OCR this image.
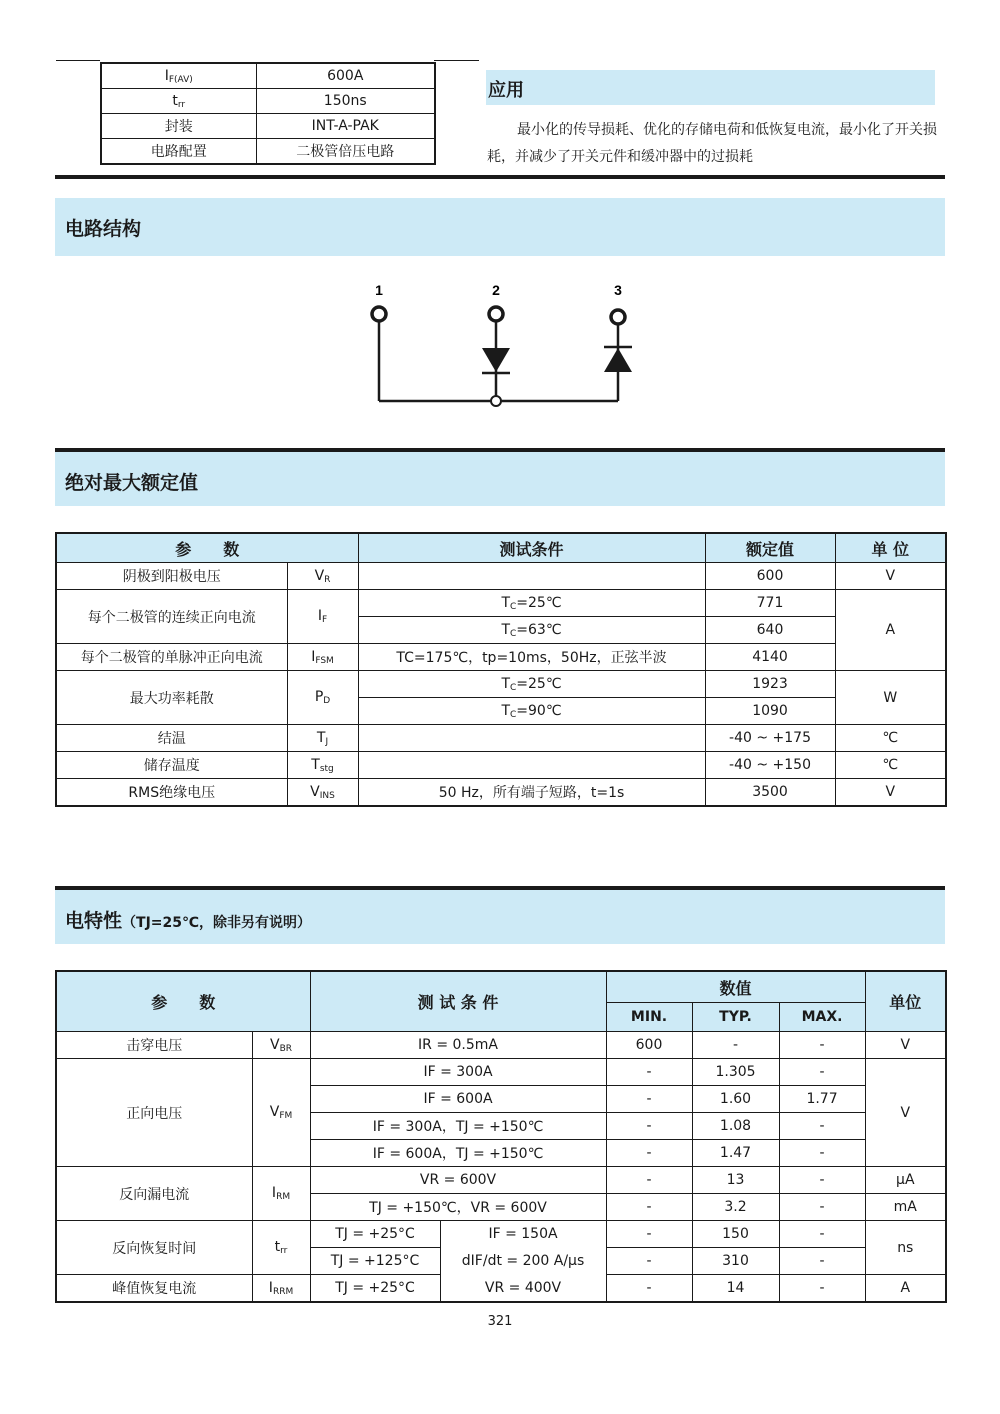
$I_{F(AV)}$	600A
$t_{rr}$	150ns
封装	INT-A-PAK
电路配置	二极管倍压电路
应用
最小化的传导损耗、优化的存储电荷和低恢复电流，最小化了开关损耗，并减少了开关元件和缓冲器中的过损耗
电路结构
1	2	3
绝对最大额定值
参　　数		测试条件	额定值	单 位
阴极到阳极电压	$V_R$		600	V
每个二极管的连续正向电流	$I_F$	$T_C=25℃$	771	A
		$T_C=63℃$	640	
每个二极管的单脉冲正向电流	$I_{FSM}$	TC=175℃，tp=10ms，50Hz，正弦半波	4140	
最大功率耗散	$P_D$	$T_C=25℃$	1923	W
		$T_C=90℃$	1090	
结温	$T_J$		-40 ~ +175	℃
储存温度	$T_{stg}$		-40 ~ +150	℃
RMS绝缘电压	$V_{INS}$	50 Hz，所有端子短路，t=1s	3500	V
电特性（TJ=25℃，除非另有说明）
参　　数		测 试 条 件		数值			单位
				MIN.	TYP.	MAX.	
击穿电压	$V_{BR}$	IR = 0.5mA		600	-	-	V
正向电压	$V_{FM}$	IF = 300A		-	1.305	-	V
		IF = 600A		-	1.60	1.77	
		IF = 300A，TJ = +150℃		-	1.08	-	
		IF = 600A，TJ = +150℃		-	1.47	-	
反向漏电流	$I_{RM}$	VR = 600V		-	13	-	μA
		TJ = +150℃，VR = 600V		-	3.2	-	mA
反向恢复时间	$t_{rr}$	TJ = +25°C	IF = 150A	-	150	-	ns
		TJ = +125°C	dIF/dt = 200 A/μs	-	310	-	
峰值恢复电流	$I_{RRM}$	TJ = +25°C	VR = 400V	-	14	-	A
321
